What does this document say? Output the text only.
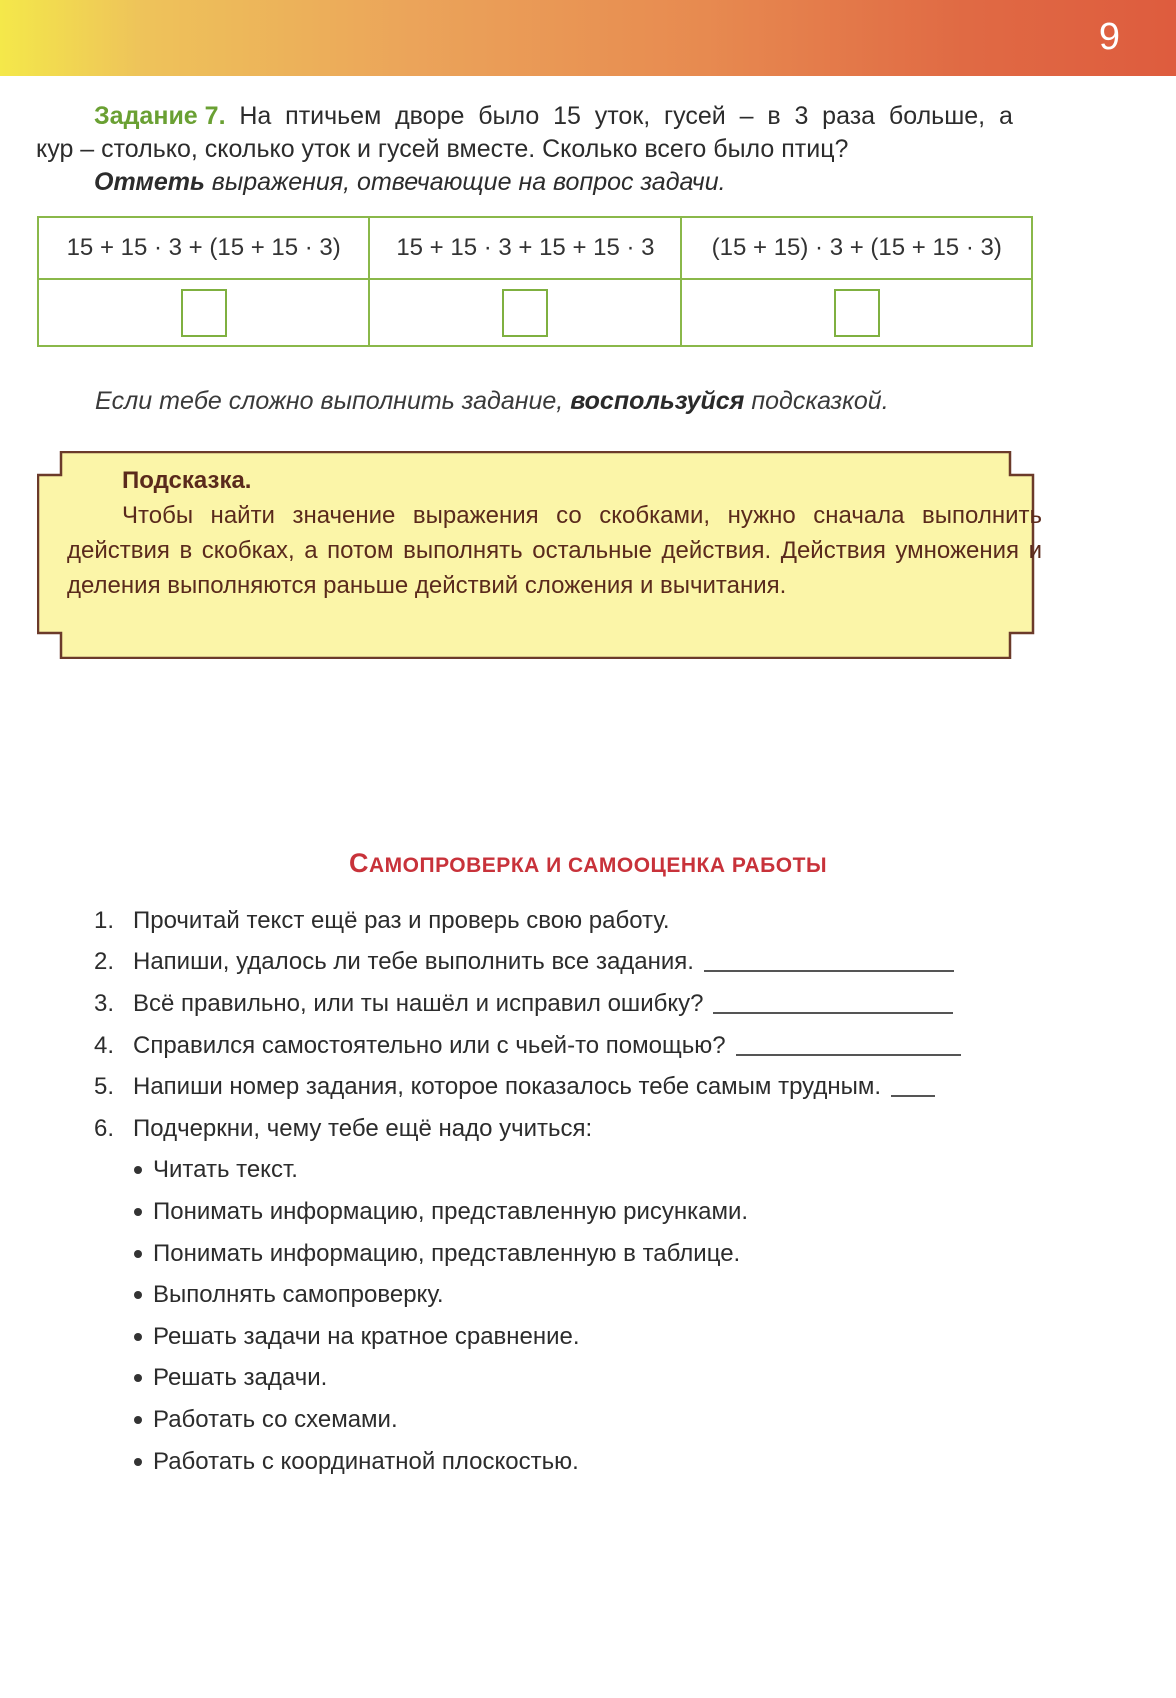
9
Задание 7. На птичьем дворе было 15 уток, гусей – в 3 раза больше, а
кур – столько, сколько уток и гусей вместе. Сколько всего было птиц?
Отметь выражения, отвечающие на вопрос задачи.
15 + 15 · 3 + (15 + 15 · 3)	15 + 15 · 3 + 15 + 15 · 3	(15 + 15) · 3 + (15 + 15 · 3)

Если тебе сложно выполнить задание, воспользуйся подсказкой.
Подсказка.
Чтобы найти значение выражения со скобками, нужно сначала выполнить действия в скобках, а потом выполнять остальные действия. Действия умножения и деления выполняются раньше действий сложения и вычитания.
САМОПРОВЕРКА И САМООЦЕНКА РАБОТЫ
1. Прочитай текст ещё раз и проверь свою работу.
2. Напиши, удалось ли тебе выполнить все задания.
3. Всё правильно, или ты нашёл и исправил ошибку?
4. Справился самостоятельно или с чьей-то помощью?
5. Напиши номер задания, которое показалось тебе самым трудным.
6. Подчеркни, чему тебе ещё надо учиться:
Читать текст.
Понимать информацию, представленную рисунками.
Понимать информацию, представленную в таблице.
Выполнять самопроверку.
Решать задачи на кратное сравнение.
Решать задачи.
Работать со схемами.
Работать с координатной плоскостью.
